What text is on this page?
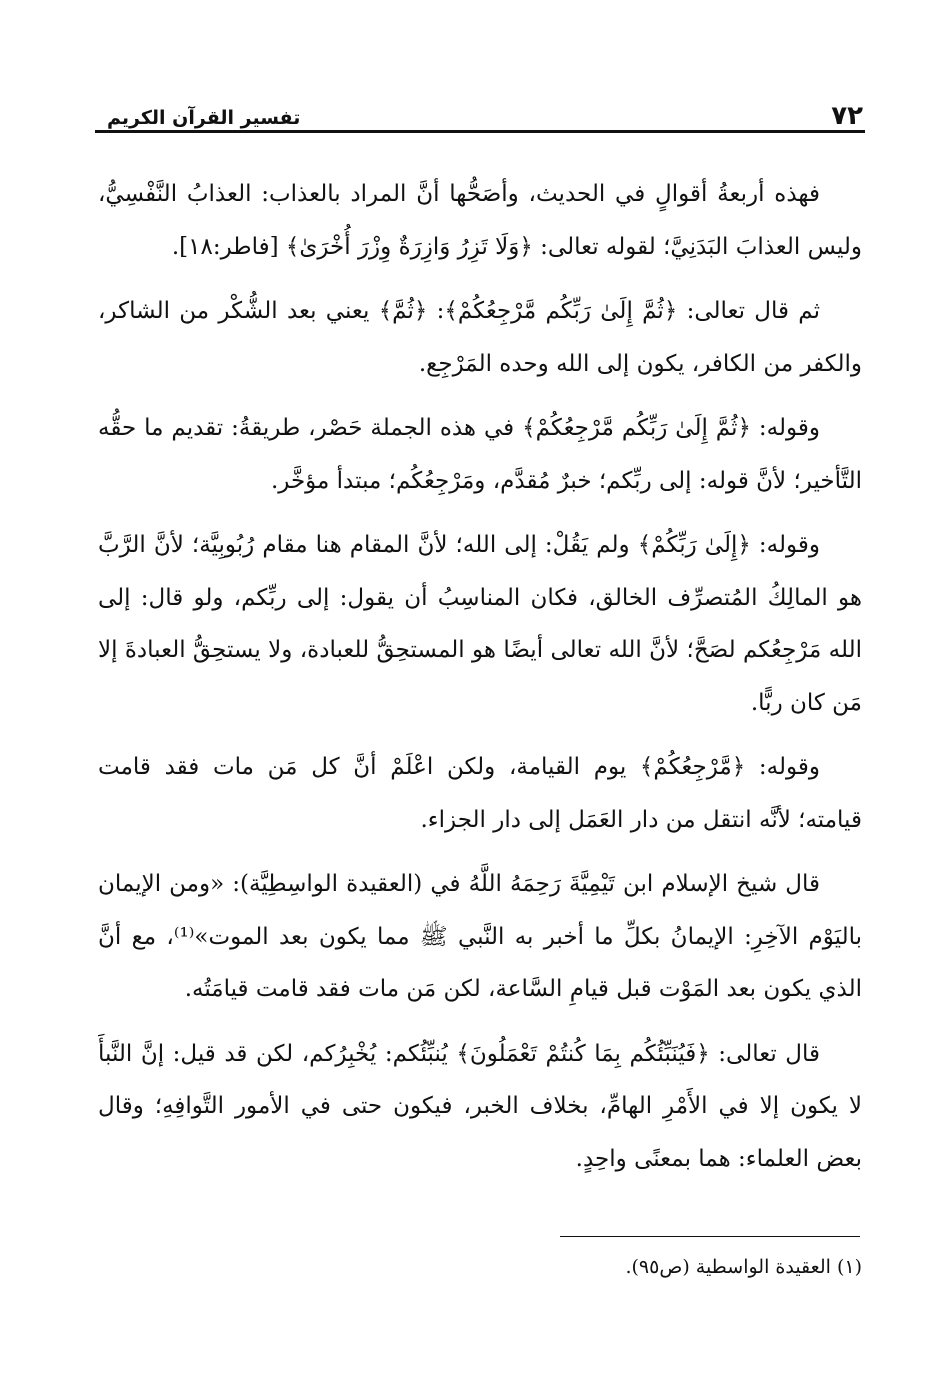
٧٢
تفسير القرآن الكريم

فهذه أربعةُ أقوالٍ في الحديث، وأصَحُّها أنَّ المراد بالعذاب: العذابُ النَّفْسِيُّ، وليس العذابَ البَدَنِيَّ؛ لقوله تعالى: ﴿وَلَا تَزِرُ وَازِرَةٌ وِزْرَ أُخْرَىٰ﴾ [فاطر:١٨].

ثم قال تعالى: ﴿ثُمَّ إِلَىٰ رَبِّكُم مَّرْجِعُكُمْ﴾: ﴿ثُمَّ﴾ يعني بعد الشُّكْر من الشاكر، والكفر من الكافر، يكون إلى الله وحده المَرْجِع.

وقوله: ﴿ثُمَّ إِلَىٰ رَبِّكُم مَّرْجِعُكُمْ﴾ في هذه الجملة حَصْر، طريقةُ: تقديم ما حقُّه التَّأخير؛ لأنَّ قوله: إلى ربِّكم؛ خبرٌ مُقدَّم، ومَرْجِعُكُم؛ مبتدأ مؤخَّر.

وقوله: ﴿إِلَىٰ رَبِّكُمْ﴾ ولم يَقُلْ: إلى الله؛ لأنَّ المقام هنا مقام رُبُوبِيَّة؛ لأنَّ الرَّبَّ هو المالِكُ المُتصرِّف الخالق، فكان المناسِبُ أن يقول: إلى ربِّكم، ولو قال: إلى الله مَرْجِعُكم لصَحَّ؛ لأنَّ الله تعالى أيضًا هو المستحِقُّ للعبادة، ولا يستحِقُّ العبادةَ إلا مَن كان ربًّا.

وقوله: ﴿مَّرْجِعُكُمْ﴾ يوم القيامة، ولكن اعْلَمْ أنَّ كل مَن مات فقد قامت قيامته؛ لأنَّه انتقل من دار العَمَل إلى دار الجزاء.

قال شيخ الإسلام ابن تَيْمِيَّةَ رَحِمَهُ اللَّهُ في (العقيدة الواسِطِيَّة): «ومن الإيمان باليَوْم الآخِرِ: الإيمانُ بكلِّ ما أخبر به النَّبي ﷺ مما يكون بعد الموت»⁽¹⁾، مع أنَّ الذي يكون بعد المَوْت قبل قيامِ السَّاعة، لكن مَن مات فقد قامت قيامَتُه.

قال تعالى: ﴿فَيُنَبِّئُكُم بِمَا كُنتُمْ تَعْمَلُونَ﴾ يُنبِّئُكم: يُخْبِرُكم، لكن قد قيل: إنَّ النَّبأَ لا يكون إلا في الأَمْرِ الهامِّ، بخلاف الخبر، فيكون حتى في الأمور التَّوافِهِ؛ وقال بعض العلماء: هما بمعنًى واحِدٍ.

(١) العقيدة الواسطية (ص٩٥).
